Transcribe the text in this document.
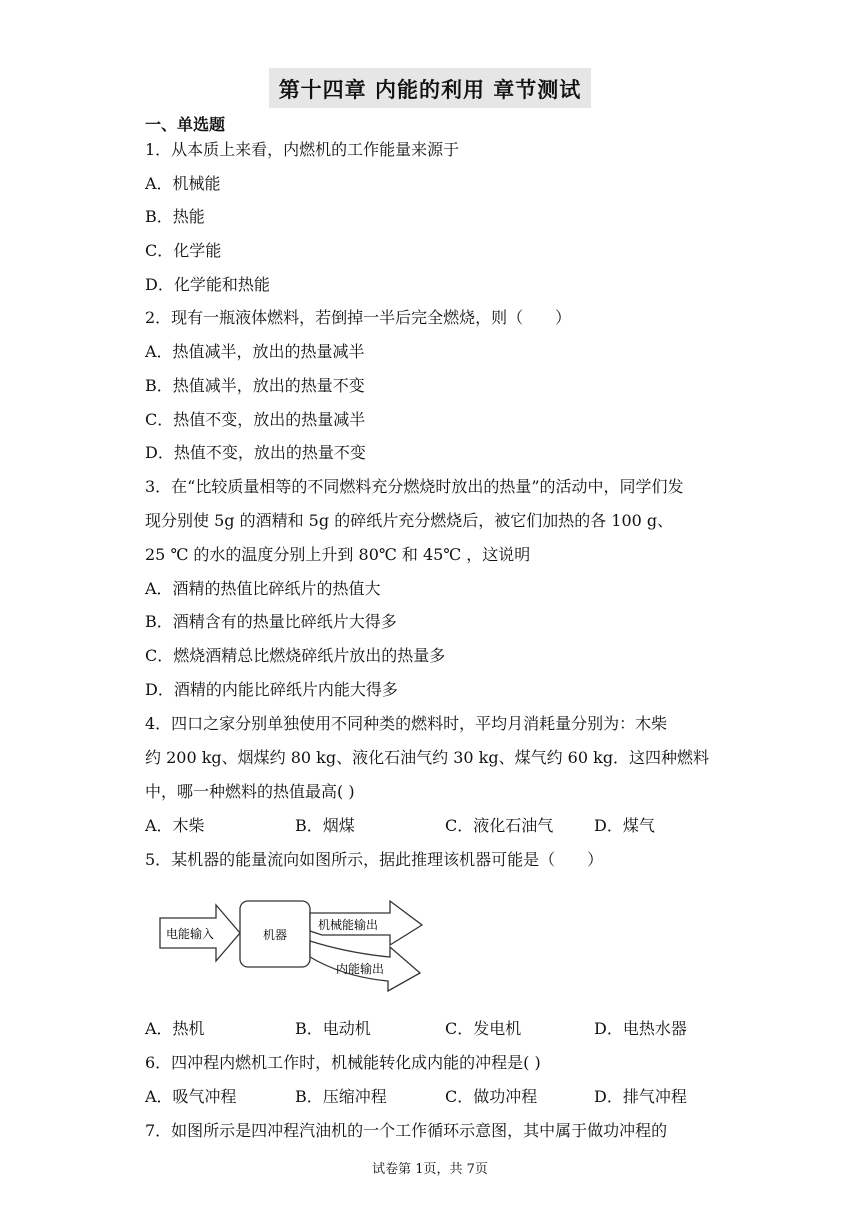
第十四章 内能的利用 章节测试
一、单选题
1．从本质上来看，内燃机的工作能量来源于
A．机械能
B．热能
C．化学能
D．化学能和热能
2．现有一瓶液体燃料，若倒掉一半后完全燃烧，则（　　）
A．热值减半，放出的热量减半
B．热值减半，放出的热量不变
C．热值不变，放出的热量减半
D．热值不变，放出的热量不变
3．在“比较质量相等的不同燃料充分燃烧时放出的热量”的活动中，同学们发
现分别使 5g 的酒精和 5g 的碎纸片充分燃烧后，被它们加热的各 100 g、
25 ℃ 的水的温度分别上升到 80℃ 和 45℃ ，这说明
A．酒精的热值比碎纸片的热值大
B．酒精含有的热量比碎纸片大得多
C．燃烧酒精总比燃烧碎纸片放出的热量多
D．酒精的内能比碎纸片内能大得多
4．四口之家分别单独使用不同种类的燃料时，平均月消耗量分别为：木柴
约 200 kg、烟煤约 80 kg、液化石油气约 30 kg、煤气约 60 kg．这四种燃料
中，哪一种燃料的热值最高( )
A．木柴	B．烟煤	C．液化石油气	D．煤气
5．某机器的能量流向如图所示，据此推理该机器可能是（　　）
电能输入	机器
机械能输出
内能输出
A．热机	B．电动机	C．发电机	D．电热水器
6．四冲程内燃机工作时，机械能转化成内能的冲程是( )
A．吸气冲程	B．压缩冲程	C．做功冲程	D．排气冲程
7．如图所示是四冲程汽油机的一个工作循环示意图，其中属于做功冲程的
试卷第 1页，共 7页
